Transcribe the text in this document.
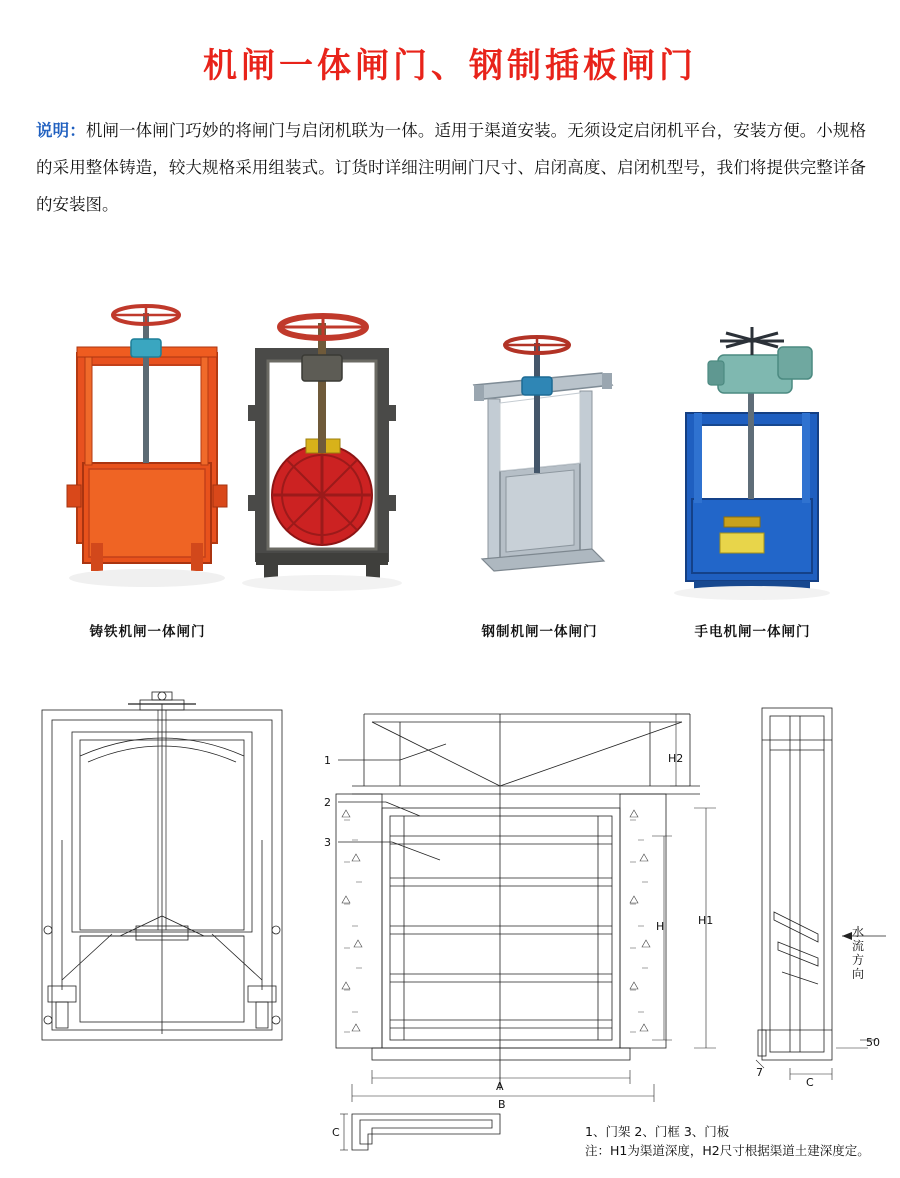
机闸一体闸门、钢制插板闸门
说明：机闸一体闸门巧妙的将闸门与启闭机联为一体。适用于渠道安装。无须设定启闭机平台，安装方便。小规格的采用整体铸造，较大规格采用组装式。订货时详细注明闸门尺寸、启闭高度、启闭机型号，我们将提供完整详备的安装图。
铸铁机闸一体闸门	钢制机闸一体闸门	手电机闸一体闸门
1
2
3
H2
H1
H
A
B
C
50
7
C
1、门架 2、门框 3、门板
注：H1为渠道深度，H2尺寸根据渠道土建深度定。
水流方向
